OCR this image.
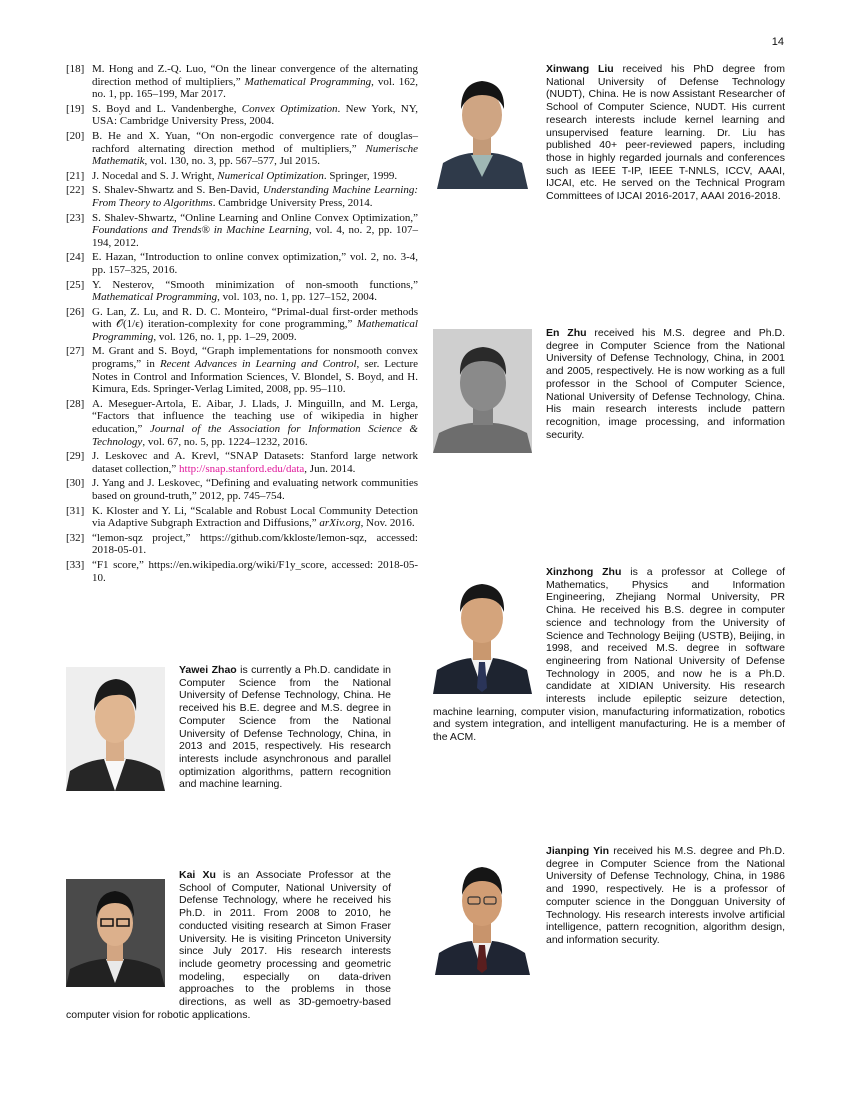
14
[18] M. Hong and Z.-Q. Luo, “On the linear convergence of the alternating direction method of multipliers,” Mathematical Programming, vol. 162, no. 1, pp. 165–199, Mar 2017.
[19] S. Boyd and L. Vandenberghe, Convex Optimization. New York, NY, USA: Cambridge University Press, 2004.
[20] B. He and X. Yuan, “On non-ergodic convergence rate of douglas–rachford alternating direction method of multipliers,” Numerische Mathematik, vol. 130, no. 3, pp. 567–577, Jul 2015.
[21] J. Nocedal and S. J. Wright, Numerical Optimization. Springer, 1999.
[22] S. Shalev-Shwartz and S. Ben-David, Understanding Machine Learning: From Theory to Algorithms. Cambridge University Press, 2014.
[23] S. Shalev-Shwartz, “Online Learning and Online Convex Optimization,” Foundations and Trends® in Machine Learning, vol. 4, no. 2, pp. 107–194, 2012.
[24] E. Hazan, “Introduction to online convex optimization,” vol. 2, no. 3-4, pp. 157–325, 2016.
[25] Y. Nesterov, “Smooth minimization of non-smooth functions,” Mathematical Programming, vol. 103, no. 1, pp. 127–152, 2004.
[26] G. Lan, Z. Lu, and R. D. C. Monteiro, “Primal-dual first-order methods with 𝒪(1/ϵ) iteration-complexity for cone programming,” Mathematical Programming, vol. 126, no. 1, pp. 1–29, 2009.
[27] M. Grant and S. Boyd, “Graph implementations for nonsmooth convex programs,” in Recent Advances in Learning and Control, ser. Lecture Notes in Control and Information Sciences, V. Blondel, S. Boyd, and H. Kimura, Eds. Springer-Verlag Limited, 2008, pp. 95–110.
[28] A. Meseguer-Artola, E. Aibar, J. Llads, J. Minguilln, and M. Lerga, “Factors that influence the teaching use of wikipedia in higher education,” Journal of the Association for Information Science & Technology, vol. 67, no. 5, pp. 1224–1232, 2016.
[29] J. Leskovec and A. Krevl, “SNAP Datasets: Stanford large network dataset collection,” http://snap.stanford.edu/data, Jun. 2014.
[30] J. Yang and J. Leskovec, “Defining and evaluating network communities based on ground-truth,” 2012, pp. 745–754.
[31] K. Kloster and Y. Li, “Scalable and Robust Local Community Detection via Adaptive Subgraph Extraction and Diffusions,” arXiv.org, Nov. 2016.
[32] “lemon-sqz project,” https://github.com/kkloste/lemon-sqz, accessed: 2018-05-01.
[33] “F1 score,” https://en.wikipedia.org/wiki/F1y_score, accessed: 2018-05-10.
Xinwang Liu received his PhD degree from National University of Defense Technology (NUDT), China. He is now Assistant Researcher of School of Computer Science, NUDT. His current research interests include kernel learning and unsupervised feature learning. Dr. Liu has published 40+ peer-reviewed papers, including those in highly regarded journals and conferences such as IEEE T-IP, IEEE T-NNLS, ICCV, AAAI, IJCAI, etc. He served on the Technical Program Committees of IJCAI 2016-2017, AAAI 2016-2018.
En Zhu received his M.S. degree and Ph.D. degree in Computer Science from the National University of Defense Technology, China, in 2001 and 2005, respectively. He is now working as a full professor in the School of Computer Science, National University of Defense Technology, China. His main research interests include pattern recognition, image processing, and information security.
Xinzhong Zhu is a professor at College of Mathematics, Physics and Information Engineering, Zhejiang Normal University, PR China. He received his B.S. degree in computer science and technology from the University of Science and Technology Beijing (USTB), Beijing, in 1998, and received M.S. degree in software engineering from National University of Defense Technology in 2005, and now he is a Ph.D. candidate at XIDIAN University. His research interests include epileptic seizure detection, machine learning, computer vision, manufacturing informatization, robotics and system integration, and intelligent manufacturing. He is a member of the ACM.
Yawei Zhao is currently a Ph.D. candidate in Computer Science from the National University of Defense Technology, China. He received his B.E. degree and M.S. degree in Computer Science from the National University of Defense Technology, China, in 2013 and 2015, respectively. His research interests include asynchronous and parallel optimization algorithms, pattern recognition and machine learning.
Kai Xu is an Associate Professor at the School of Computer, National University of Defense Technology, where he received his Ph.D. in 2011. From 2008 to 2010, he conducted visiting research at Simon Fraser University. He is visiting Princeton University since July 2017. His research interests include geometry processing and geometric modeling, especially on data-driven approaches to the problems in those directions, as well as 3D-gemoetry-based computer vision for robotic applications.
Jianping Yin received his M.S. degree and Ph.D. degree in Computer Science from the National University of Defense Technology, China, in 1986 and 1990, respectively. He is a professor of computer science in the Dongguan University of Technology. His research interests involve artificial intelligence, pattern recognition, algorithm design, and information security.
